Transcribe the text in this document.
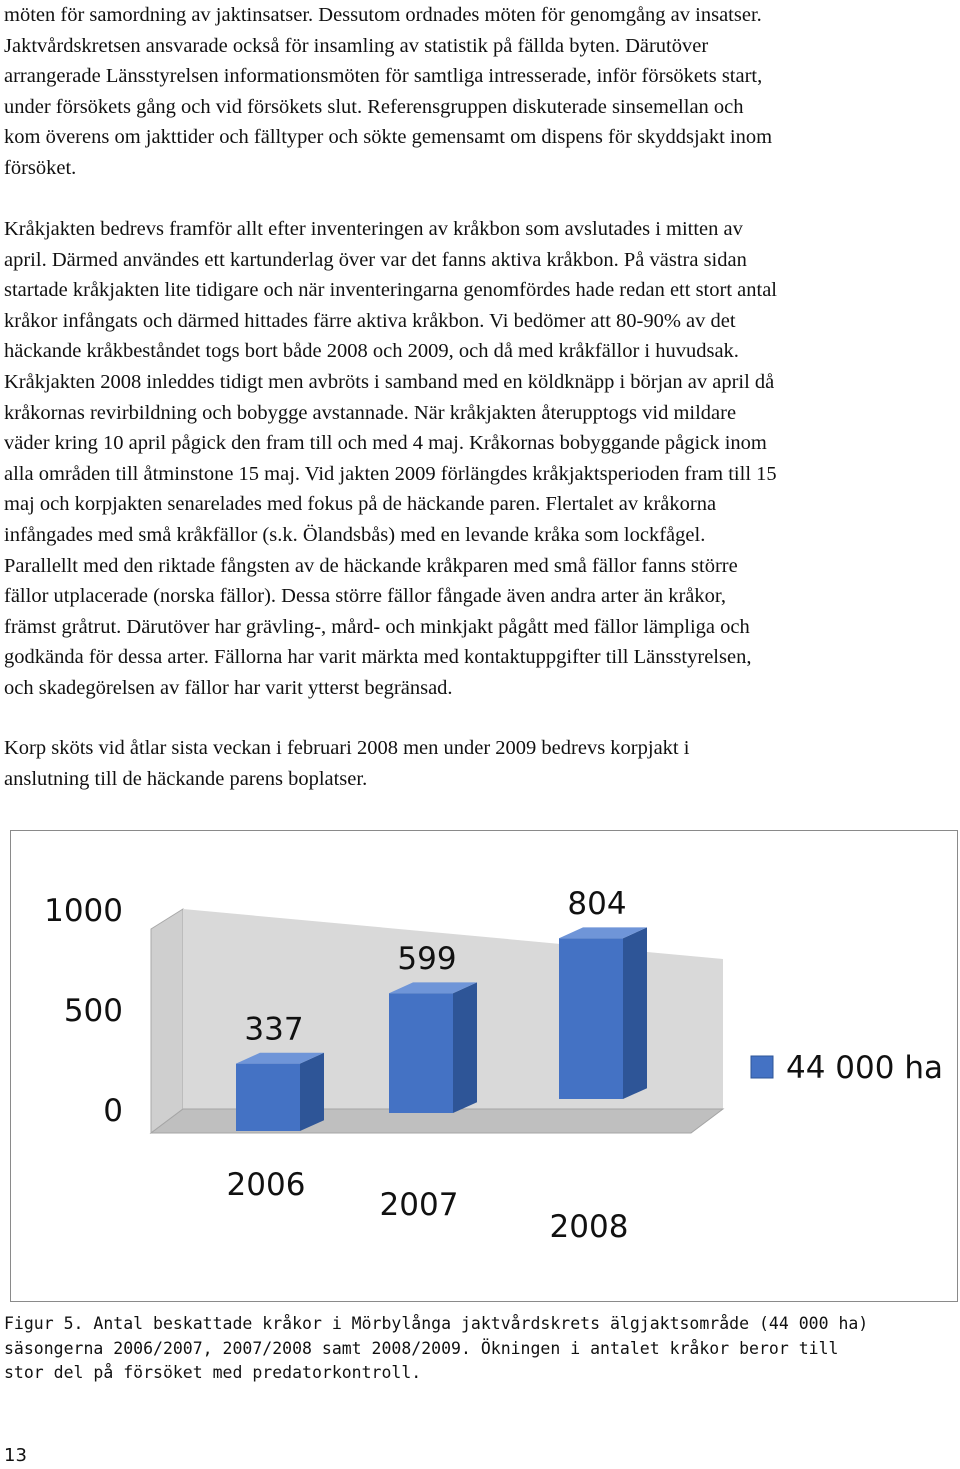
möten för samordning av jaktinsatser. Dessutom ordnades möten för genomgång av insatser.
Jaktvårdskretsen ansvarade också för insamling av statistik på fällda byten. Därutöver
arrangerade Länsstyrelsen informationsmöten för samtliga intresserade, inför försökets start,
under försökets gång och vid försökets slut. Referensgruppen diskuterade sinsemellan och
kom överens om jakttider och fälltyper och sökte gemensamt om dispens för skyddsjakt inom
försöket.

Kråkjakten bedrevs framför allt efter inventeringen av kråkbon som avslutades i mitten av
april. Därmed användes ett kartunderlag över var det fanns aktiva kråkbon. På västra sidan
startade kråkjakten lite tidigare och när inventeringarna genomfördes hade redan ett stort antal
kråkor infångats och därmed hittades färre aktiva kråkbon. Vi bedömer att 80-90% av det
häckande kråkbeståndet togs bort både 2008 och 2009, och då med kråkfällor i huvudsak.
Kråkjakten 2008 inleddes tidigt men avbröts i samband med en köldknäpp i början av april då
kråkornas revirbildning och bobygge avstannade. När kråkjakten återupptogs vid mildare
väder kring 10 april pågick den fram till och med 4 maj. Kråkornas bobyggande pågick inom
alla områden till åtminstone 15 maj. Vid jakten 2009 förlängdes kråkjaktsperioden fram till 15
maj och korpjakten senarelades med fokus på de häckande paren. Flertalet av kråkorna
infångades med små kråkfällor (s.k. Ölandsbås) med en levande kråka som lockfågel.
Parallellt med den riktade fångsten av de häckande kråkparen med små fällor fanns större
fällor utplacerade (norska fällor). Dessa större fällor fångade även andra arter än kråkor,
främst gråtrut. Därutöver har grävling-, mård- och minkjakt pågått med fällor lämpliga och
godkända för dessa arter. Fällorna har varit märkta med kontaktuppgifter till Länsstyrelsen,
och skadegörelsen av fällor har varit ytterst begränsad.

Korp sköts vid åtlar sista veckan i februari 2008 men under 2009 bedrevs korpjakt i
anslutning till de häckande parens boplatser.

1000
500
0
337
2006
599
2007
804
2008
44 000 ha
Figur 5. Antal beskattade kråkor i Mörbylånga jaktvårdskrets älgjaktsområde (44 000 ha)
säsongerna 2006/2007, 2007/2008 samt 2008/2009. Ökningen i antalet kråkor beror till
stor del på försöket med predatorkontroll.

13
